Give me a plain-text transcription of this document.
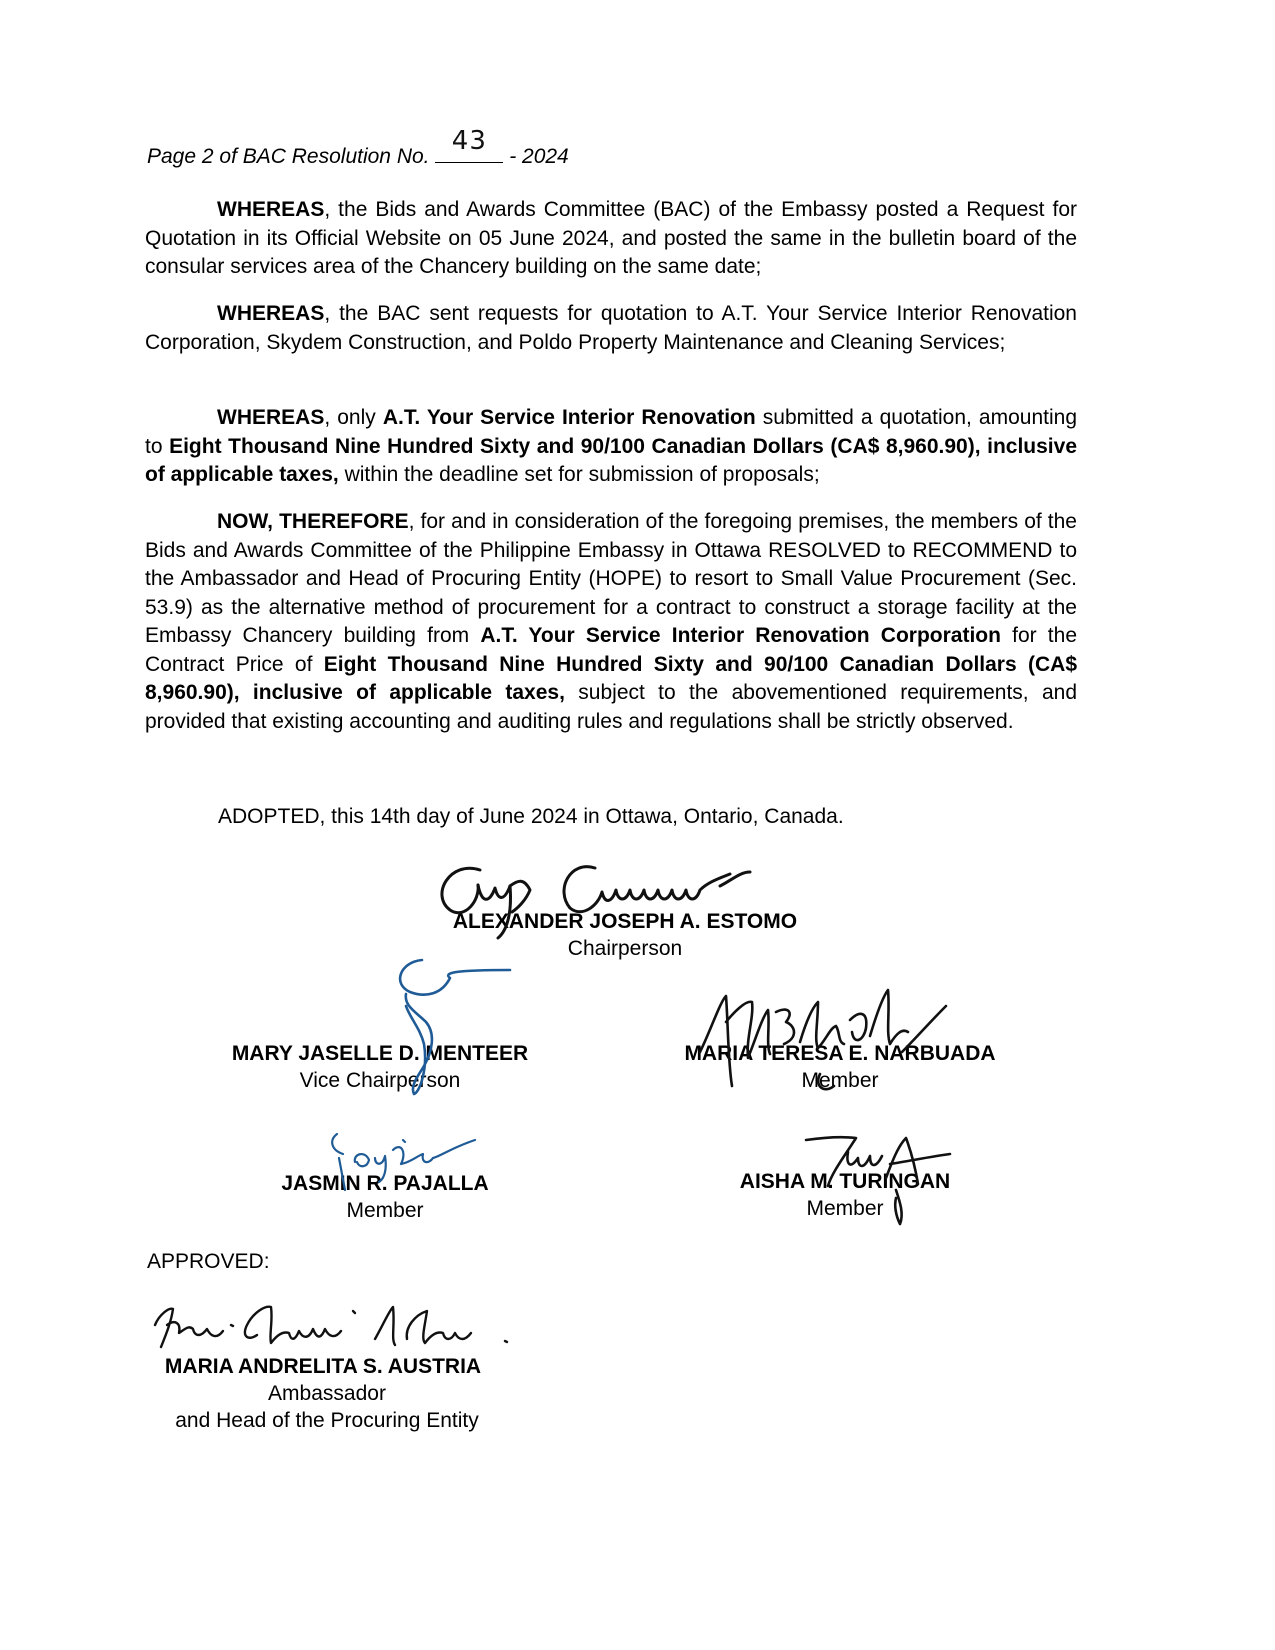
Page 2 of BAC Resolution No.
43
- 2024

WHEREAS, the Bids and Awards Committee (BAC) of the Embassy posted a Request for Quotation in its Official Website on 05 June 2024, and posted the same in the bulletin board of the consular services area of the Chancery building on the same date;

WHEREAS, the BAC sent requests for quotation to A.T. Your Service Interior Renovation Corporation, Skydem Construction, and Poldo Property Maintenance and Cleaning Services;

WHEREAS, only A.T. Your Service Interior Renovation submitted a quotation, amounting to Eight Thousand Nine Hundred Sixty and 90/100 Canadian Dollars (CA$ 8,960.90), inclusive of applicable taxes, within the deadline set for submission of proposals;

NOW, THEREFORE, for and in consideration of the foregoing premises, the members of the Bids and Awards Committee of the Philippine Embassy in Ottawa RESOLVED to RECOMMEND to the Ambassador and Head of Procuring Entity (HOPE) to resort to Small Value Procurement (Sec. 53.9) as the alternative method of procurement for a contract to construct a storage facility at the Embassy Chancery building from A.T. Your Service Interior Renovation Corporation for the Contract Price of Eight Thousand Nine Hundred Sixty and 90/100 Canadian Dollars (CA$ 8,960.90), inclusive of applicable taxes, subject to the abovementioned requirements, and provided that existing accounting and auditing rules and regulations shall be strictly observed.

ADOPTED, this 14th day of June 2024 in Ottawa, Ontario, Canada.
ALEXANDER JOSEPH A. ESTOMO
Chairperson
MARY JASELLE D. MENTEER
Vice Chairperson
MARIA TERESA E. NARBUADA
Member
JASMIN R. PAJALLA
Member
AISHA M. TURINGAN
Member
APPROVED:
MARIA ANDRELITA S. AUSTRIA
Ambassador
and Head of the Procuring Entity
